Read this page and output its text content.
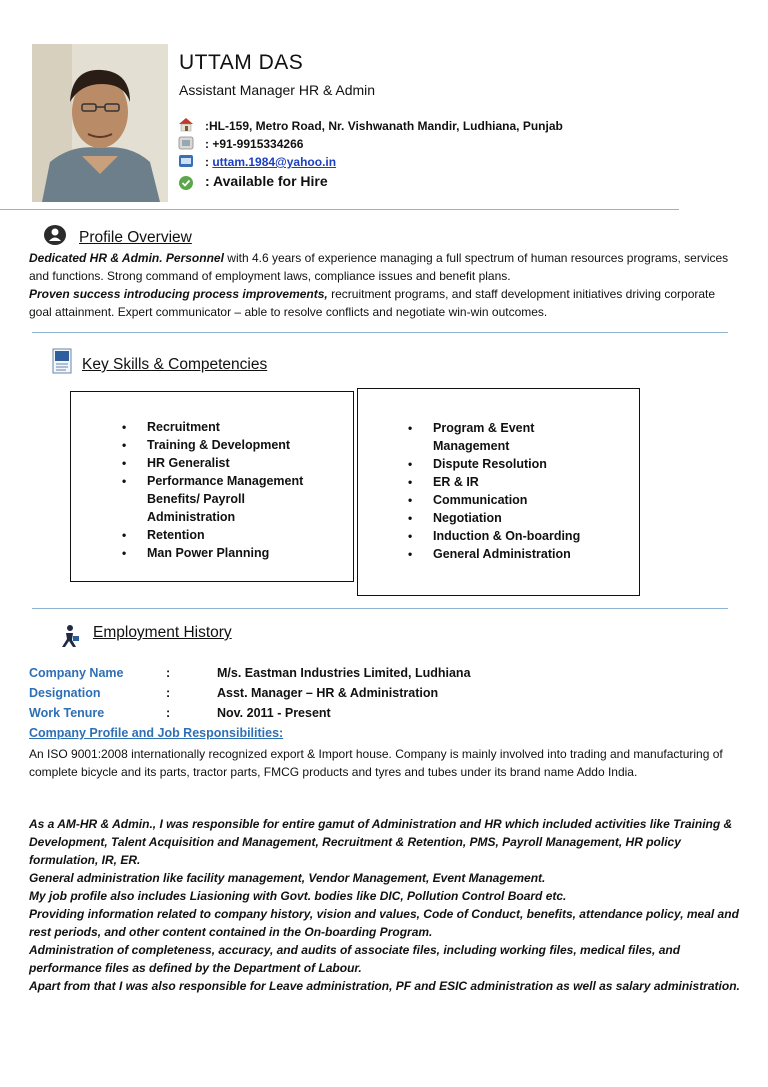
UTTAM DAS
Assistant Manager HR & Admin
:HL-159, Metro Road, Nr. Vishwanath Mandir, Ludhiana, Punjab
: +91-9915334266
: uttam.1984@yahoo.in
: Available for Hire
Profile Overview
Dedicated HR & Admin. Personnel with 4.6 years of experience managing a full spectrum of human resources programs, services and functions. Strong command of employment laws, compliance issues and benefit plans.
Proven success introducing process improvements, recruitment programs, and staff development initiatives driving corporate goal attainment. Expert communicator – able to resolve conflicts and negotiate win-win outcomes.
Key Skills & Competencies
• Recruitment
• Training & Development
• HR Generalist
• Performance Management Benefits/ Payroll Administration
• Retention
• Man Power Planning
• Program & Event Management
• Dispute Resolution
• ER & IR
• Communication
• Negotiation
• Induction & On-boarding
• General Administration
Employment History
Company Name	:	M/s. Eastman Industries Limited, Ludhiana
Designation	:	Asst. Manager – HR & Administration
Work Tenure	:	Nov. 2011 - Present
Company Profile and Job Responsibilities:
An ISO 9001:2008 internationally recognized export & Import house. Company is mainly involved into trading and manufacturing of complete bicycle and its parts, tractor parts, FMCG products and tyres and tubes under its brand name Addo India.
As a AM-HR & Admin., I was responsible for entire gamut of Administration and HR which included activities like Training & Development, Talent Acquisition and Management, Recruitment & Retention, PMS, Payroll Management, HR policy formulation, IR, ER.
General administration like facility management, Vendor Management, Event Management.
My job profile also includes Liasioning with Govt. bodies like DIC, Pollution Control Board etc.
Providing information related to company history, vision and values, Code of Conduct, benefits, attendance policy, meal and rest periods, and other content contained in the On-boarding Program.
Administration of completeness, accuracy, and audits of associate files, including working files, medical files, and performance files as defined by the Department of Labour.
Apart from that I was also responsible for Leave administration, PF and ESIC administration as well as salary administration.
